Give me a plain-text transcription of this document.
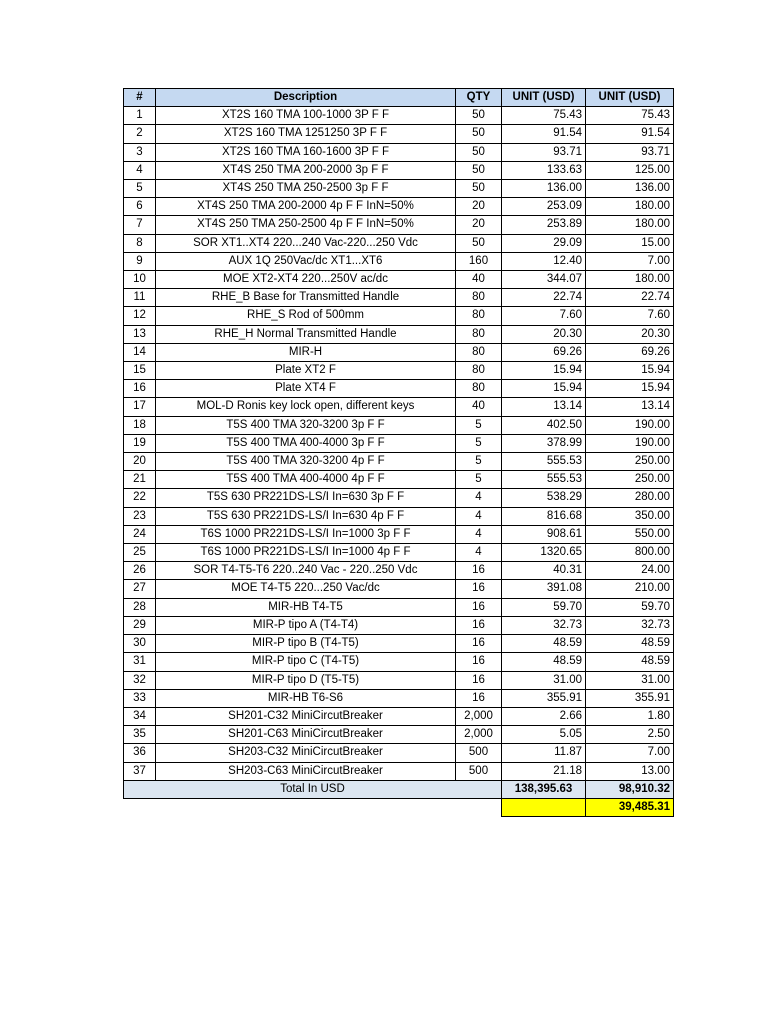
#	Description	QTY	UNIT (USD)	UNIT (USD)
1	XT2S 160 TMA 100-1000 3P F F	50	75.43	75.43
2	XT2S 160 TMA 1251250 3P F F	50	91.54	91.54
3	XT2S 160 TMA 160-1600 3P F F	50	93.71	93.71
4	XT4S 250 TMA 200-2000 3p F F	50	133.63	125.00
5	XT4S 250 TMA 250-2500 3p F F	50	136.00	136.00
6	XT4S 250 TMA 200-2000 4p F F InN=50%	20	253.09	180.00
7	XT4S 250 TMA 250-2500 4p F F InN=50%	20	253.89	180.00
8	SOR XT1..XT4 220...240 Vac-220...250 Vdc	50	29.09	15.00
9	AUX 1Q 250Vac/dc XT1...XT6	160	12.40	7.00
10	MOE XT2-XT4 220...250V ac/dc	40	344.07	180.00
11	RHE_B Base for Transmitted Handle	80	22.74	22.74
12	RHE_S Rod of 500mm	80	7.60	7.60
13	RHE_H Normal Transmitted Handle	80	20.30	20.30
14	MIR-H	80	69.26	69.26
15	Plate XT2 F	80	15.94	15.94
16	Plate XT4 F	80	15.94	15.94
17	MOL-D Ronis key lock open, different keys	40	13.14	13.14
18	T5S 400 TMA 320-3200 3p F F	5	402.50	190.00
19	T5S 400 TMA 400-4000 3p F F	5	378.99	190.00
20	T5S 400 TMA 320-3200 4p F F	5	555.53	250.00
21	T5S 400 TMA 400-4000 4p F F	5	555.53	250.00
22	T5S 630 PR221DS-LS/I In=630 3p F F	4	538.29	280.00
23	T5S 630 PR221DS-LS/I In=630 4p F F	4	816.68	350.00
24	T6S 1000 PR221DS-LS/I In=1000 3p F F	4	908.61	550.00
25	T6S 1000 PR221DS-LS/I In=1000 4p F F	4	1320.65	800.00
26	SOR T4-T5-T6 220..240 Vac - 220..250 Vdc	16	40.31	24.00
27	MOE T4-T5 220...250 Vac/dc	16	391.08	210.00
28	MIR-HB T4-T5	16	59.70	59.70
29	MIR-P tipo A (T4-T4)	16	32.73	32.73
30	MIR-P tipo B (T4-T5)	16	48.59	48.59
31	MIR-P tipo C (T4-T5)	16	48.59	48.59
32	MIR-P tipo D (T5-T5)	16	31.00	31.00
33	MIR-HB T6-S6	16	355.91	355.91
34	SH201-C32 MiniCircutBreaker	2,000	2.66	1.80
35	SH201-C63 MiniCircutBreaker	2,000	5.05	2.50
36	SH203-C32 MiniCircutBreaker	500	11.87	7.00
37	SH203-C63 MiniCircutBreaker	500	21.18	13.00
Total In USD			138,395.63	98,910.32
				39,485.31
